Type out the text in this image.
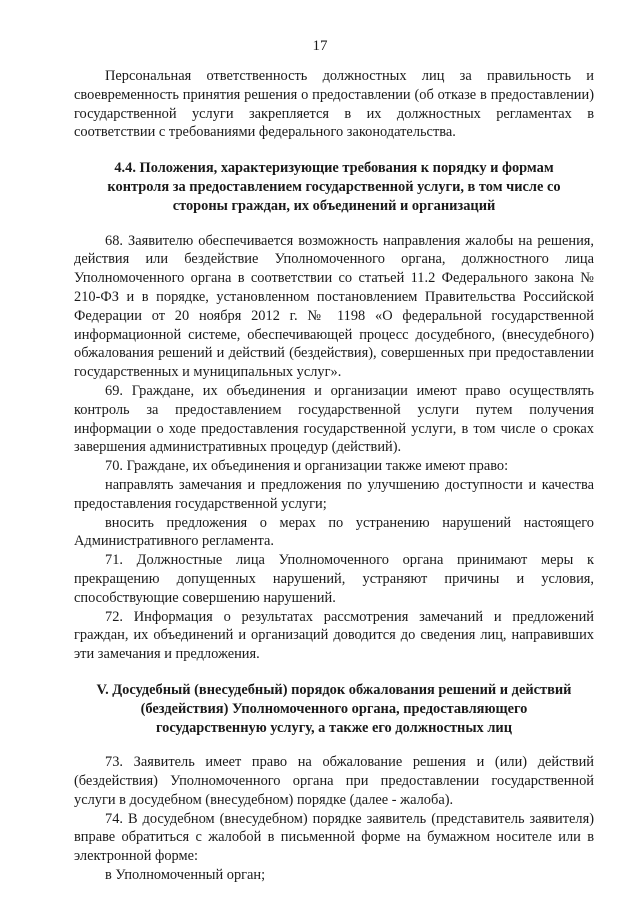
17

Персональная ответственность должностных лиц за правильность и своевременность принятия решения о предоставлении (об отказе в предоставлении) государственной услуги закрепляется в их должностных регламентах в соответствии с требованиями федерального законодательства.

4.4. Положения, характеризующие требования к порядку и формам контроля за предоставлением государственной услуги, в том числе со стороны граждан, их объединений и организаций

68. Заявителю обеспечивается возможность направления жалобы на решения, действия или бездействие Уполномоченного органа, должностного лица Уполномоченного органа в соответствии со статьей 11.2 Федерального закона № 210-ФЗ и в порядке, установленном постановлением Правительства Российской Федерации от 20 ноября 2012 г. № 1198 «О федеральной государственной информационной системе, обеспечивающей процесс досудебного, (внесудебного) обжалования решений и действий (бездействия), совершенных при предоставлении государственных и муниципальных услуг».

69. Граждане, их объединения и организации имеют право осуществлять контроль за предоставлением государственной услуги путем получения информации о ходе предоставления государственной услуги, в том числе о сроках завершения административных процедур (действий).

70. Граждане, их объединения и организации также имеют право:

направлять замечания и предложения по улучшению доступности и качества предоставления государственной услуги;

вносить предложения о мерах по устранению нарушений настоящего Административного регламента.

71. Должностные лица Уполномоченного органа принимают меры к прекращению допущенных нарушений, устраняют причины и условия, способствующие совершению нарушений.

72. Информация о результатах рассмотрения замечаний и предложений граждан, их объединений и организаций доводится до сведения лиц, направивших эти замечания и предложения.

V. Досудебный (внесудебный) порядок обжалования решений и действий (бездействия) Уполномоченного органа, предоставляющего государственную услугу, а также его должностных лиц

73. Заявитель имеет право на обжалование решения и (или) действий (бездействия) Уполномоченного органа при предоставлении государственной услуги в досудебном (внесудебном) порядке (далее - жалоба).

74. В досудебном (внесудебном) порядке заявитель (представитель заявителя) вправе обратиться с жалобой в письменной форме на бумажном носителе или в электронной форме:

в Уполномоченный орган;
